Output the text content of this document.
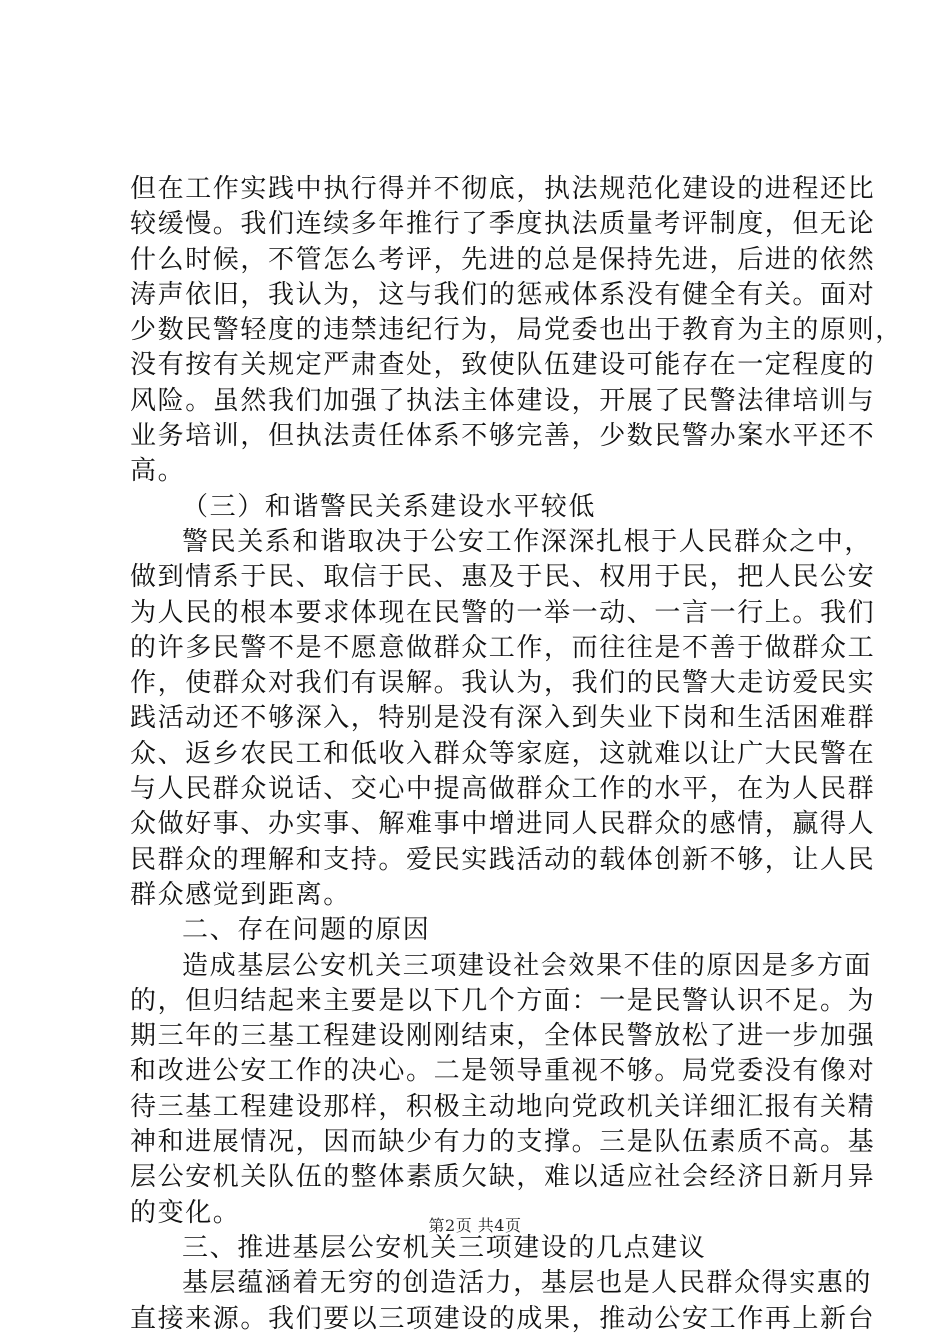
但在工作实践中执行得并不彻底，执法规范化建设的进程还比
较缓慢。我们连续多年推行了季度执法质量考评制度，但无论
什么时候，不管怎么考评，先进的总是保持先进，后进的依然
涛声依旧，我认为，这与我们的惩戒体系没有健全有关。面对
少数民警轻度的违禁违纪行为，局党委也出于教育为主的原则，
没有按有关规定严肃查处，致使队伍建设可能存在一定程度的
风险。虽然我们加强了执法主体建设，开展了民警法律培训与
业务培训，但执法责任体系不够完善，少数民警办案水平还不
高。
（三）和谐警民关系建设水平较低
警民关系和谐取决于公安工作深深扎根于人民群众之中，
做到情系于民、取信于民、惠及于民、权用于民，把人民公安
为人民的根本要求体现在民警的一举一动、一言一行上。我们
的许多民警不是不愿意做群众工作，而往往是不善于做群众工
作，使群众对我们有误解。我认为，我们的民警大走访爱民实
践活动还不够深入，特别是没有深入到失业下岗和生活困难群
众、返乡农民工和低收入群众等家庭，这就难以让广大民警在
与人民群众说话、交心中提高做群众工作的水平，在为人民群
众做好事、办实事、解难事中增进同人民群众的感情，赢得人
民群众的理解和支持。爱民实践活动的载体创新不够，让人民
群众感觉到距离。
二、存在问题的原因
造成基层公安机关三项建设社会效果不佳的原因是多方面
的，但归结起来主要是以下几个方面：一是民警认识不足。为
期三年的三基工程建设刚刚结束，全体民警放松了进一步加强
和改进公安工作的决心。二是领导重视不够。局党委没有像对
待三基工程建设那样，积极主动地向党政机关详细汇报有关精
神和进展情况，因而缺少有力的支撑。三是队伍素质不高。基
层公安机关队伍的整体素质欠缺，难以适应社会经济日新月异
的变化。
三、推进基层公安机关三项建设的几点建议
基层蕴涵着无穷的创造活力，基层也是人民群众得实惠的
直接来源。我们要以三项建设的成果，推动公安工作再上新台
第2页 共4页
